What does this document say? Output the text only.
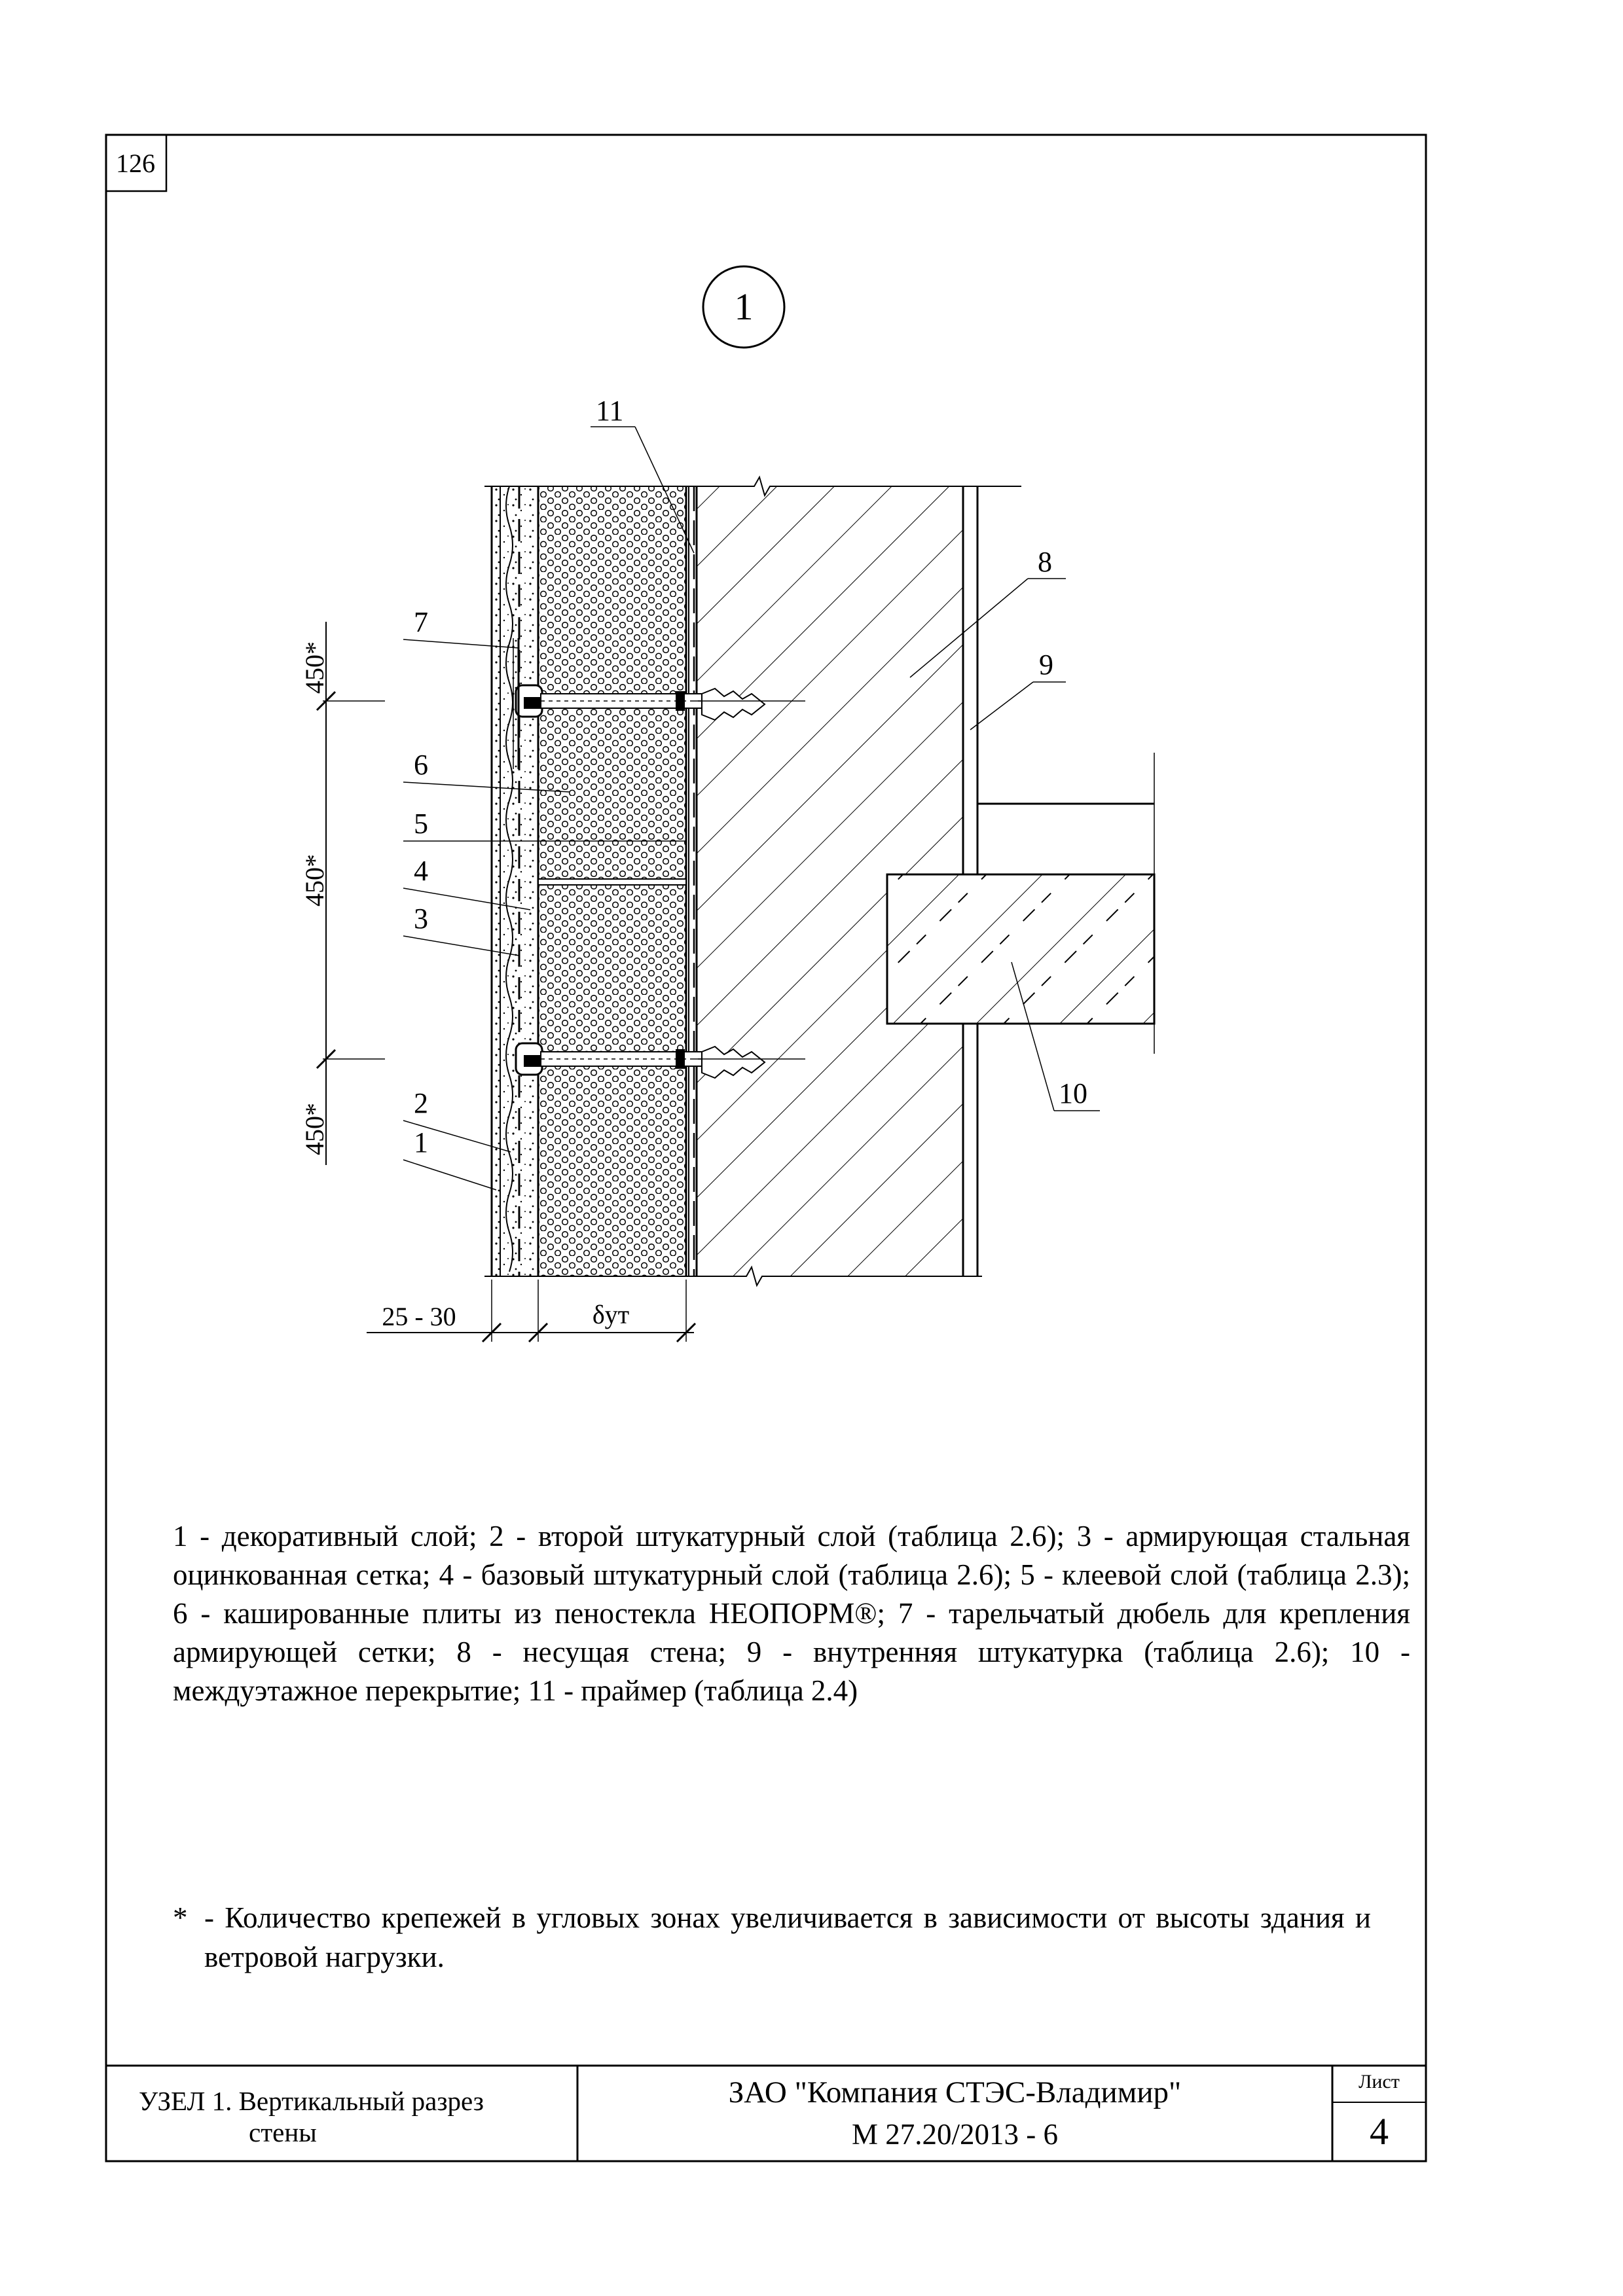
1
450*
450*
450*
25 - 30	δут
11
8
9
10
7
6
5
4
3
2
1
126
1 - декоративный слой; 2 - второй штукатурный слой (таблица 2.6); 3 - армирующая стальная оцинкованная сетка; 4 - базовый штукатурный слой (таблица 2.6); 5 - клеевой слой (таблица 2.3); 6 - кашированные плиты из пеностекла НЕОПОРМ®; 7 - тарельчатый дюбель для крепления армирующей сетки; 8 - несущая стена; 9 - внутренняя штукатурка (таблица 2.6); 10 - междуэтажное перекрытие; 11 - праймер (таблица 2.4)
* - Количество крепежей в угловых зонах увеличивается в зависимости от высоты здания и ветровой нагрузки.
УЗЕЛ 1. Вертикальный разрез
стены
ЗАО "Компания СТЭС-Владимир"
М 27.20/2013 - 6
Лист
4
